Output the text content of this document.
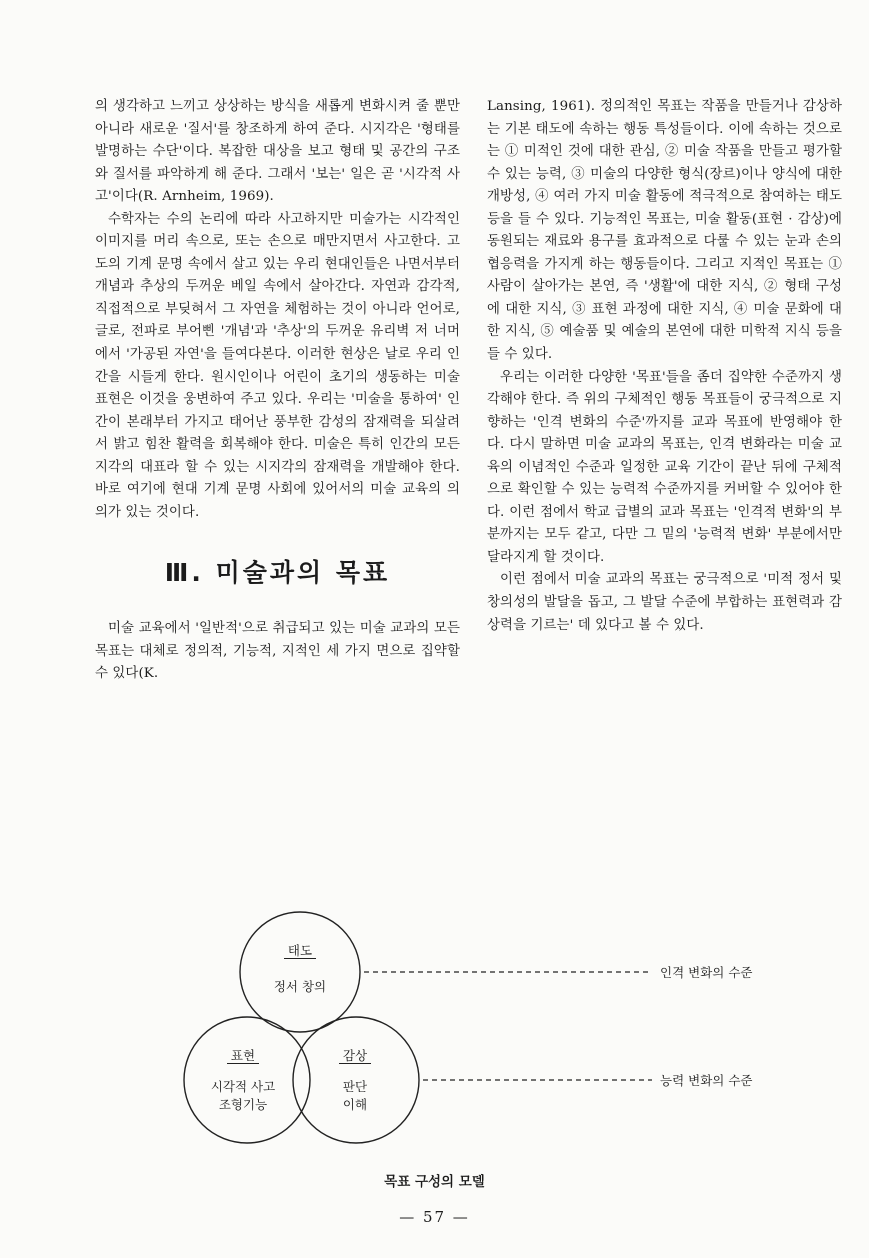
의 생각하고 느끼고 상상하는 방식을 새롭게 변화시켜 줄 뿐만 아니라 새로운 '질서'를 창조하게 하여 준다. 시지각은 '형태를 발명하는 수단'이다. 복잡한 대상을 보고 형태 및 공간의 구조와 질서를 파악하게 해 준다. 그래서 '보는' 일은 곧 '시각적 사고'이다(R. Arnheim, 1969).

수학자는 수의 논리에 따라 사고하지만 미술가는 시각적인 이미지를 머리 속으로, 또는 손으로 매만지면서 사고한다. 고도의 기계 문명 속에서 살고 있는 우리 현대인들은 나면서부터 개념과 추상의 두꺼운 베일 속에서 살아간다. 자연과 감각적, 직접적으로 부딪혀서 그 자연을 체험하는 것이 아니라 언어로, 글로, 전파로 부어삔 '개념'과 '추상'의 두꺼운 유리벽 저 너머에서 '가공된 자연'을 들여다본다. 이러한 현상은 날로 우리 인간을 시들게 한다. 원시인이나 어린이 초기의 생동하는 미술 표현은 이것을 웅변하여 주고 있다. 우리는 '미술을 통하여' 인간이 본래부터 가지고 태어난 풍부한 감성의 잠재력을 되살려서 밝고 힘찬 활력을 회복해야 한다. 미술은 특히 인간의 모든 지각의 대표라 할 수 있는 시지각의 잠재력을 개발해야 한다. 바로 여기에 현대 기계 문명 사회에 있어서의 미술 교육의 의의가 있는 것이다.

Ⅲ. 미술과의 목표

미술 교육에서 '일반적'으로 취급되고 있는 미술 교과의 모든 목표는 대체로 정의적, 기능적, 지적인 세 가지 면으로 집약할 수 있다(K.

Lansing, 1961). 정의적인 목표는 작품을 만들거나 감상하는 기본 태도에 속하는 행동 특성들이다. 이에 속하는 것으로는 ① 미적인 것에 대한 관심, ② 미술 작품을 만들고 평가할 수 있는 능력, ③ 미술의 다양한 형식(장르)이나 양식에 대한 개방성, ④ 여러 가지 미술 활동에 적극적으로 참여하는 태도 등을 들 수 있다. 기능적인 목표는, 미술 활동(표현 · 감상)에 동원되는 재료와 용구를 효과적으로 다룰 수 있는 눈과 손의 협응력을 가지게 하는 행동들이다. 그리고 지적인 목표는 ① 사람이 살아가는 본연, 즉 '생활'에 대한 지식, ② 형태 구성에 대한 지식, ③ 표현 과정에 대한 지식, ④ 미술 문화에 대한 지식, ⑤ 예술품 및 예술의 본연에 대한 미학적 지식 등을 들 수 있다.

우리는 이러한 다양한 '목표'들을 좀더 집약한 수준까지 생각해야 한다. 즉 위의 구체적인 행동 목표들이 궁극적으로 지향하는 '인격 변화의 수준'까지를 교과 목표에 반영해야 한다. 다시 말하면 미술 교과의 목표는, 인격 변화라는 미술 교육의 이념적인 수준과 일정한 교육 기간이 끝난 뒤에 구체적으로 확인할 수 있는 능력적 수준까지를 커버할 수 있어야 한다. 이런 점에서 학교 급별의 교과 목표는 '인격적 변화'의 부분까지는 모두 같고, 다만 그 밑의 '능력적 변화' 부분에서만 달라지게 할 것이다.

이런 점에서 미술 교과의 목표는 궁극적으로 '미적 정서 및 창의성의 발달을 돕고, 그 발달 수준에 부합하는 표현력과 감상력을 기르는' 데 있다고 볼 수 있다.

태도
정서 창의
표현
시각적 사고
조형기능
감상
판단
이해
인격 변화의 수준
능력 변화의 수준
목표 구성의 모델
— 57 —
